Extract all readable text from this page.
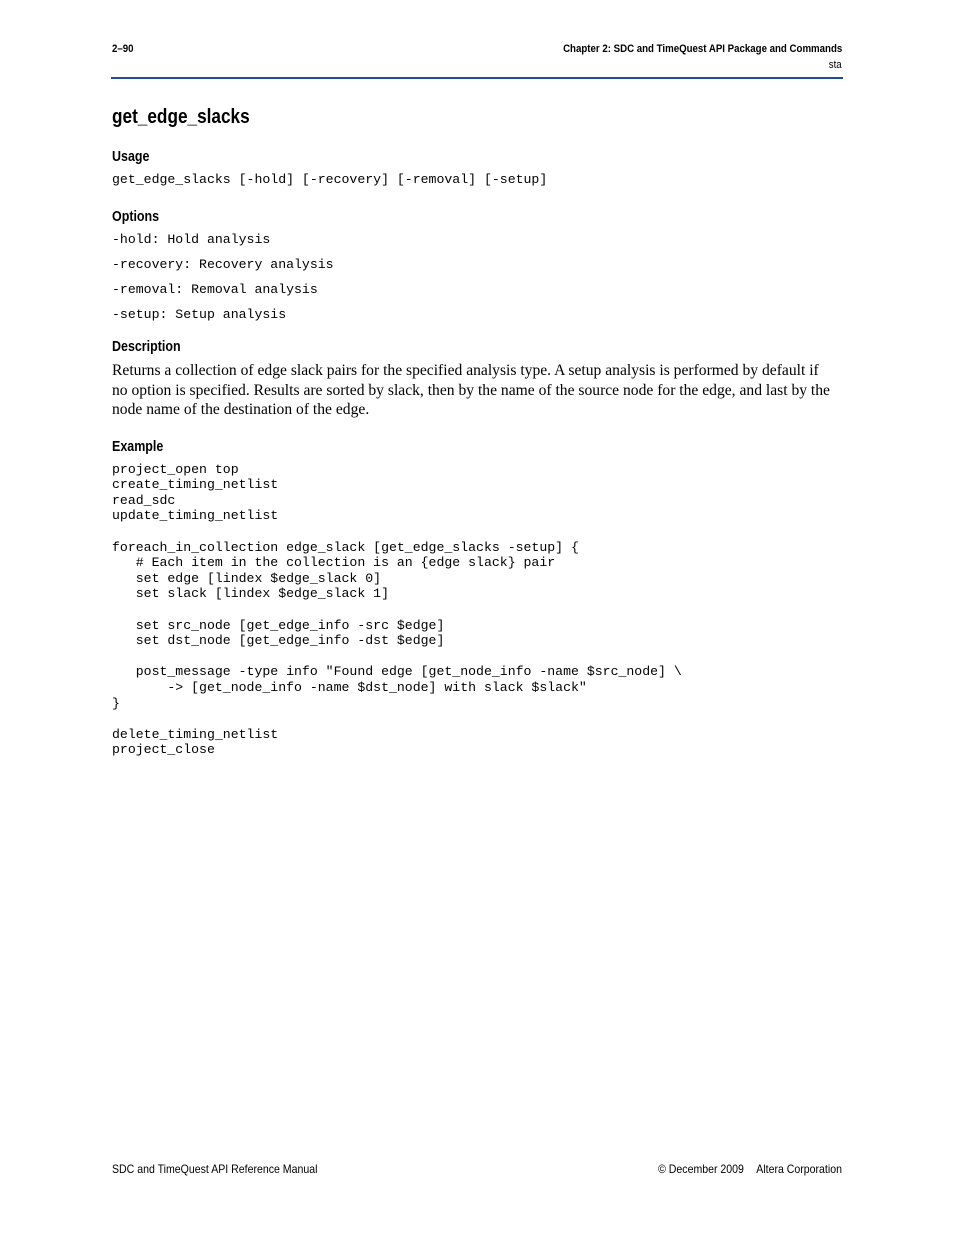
2–90	Chapter 2: SDC and TimeQuest API Package and Commands
sta
get_edge_slacks
Usage
get_edge_slacks [-hold] [-recovery] [-removal] [-setup]
Options
-hold: Hold analysis
-recovery: Recovery analysis
-removal: Removal analysis
-setup: Setup analysis
Description

Returns a collection of edge slack pairs for the specified analysis type. A setup analysis is performed by default if no option is specified. Results are sorted by slack, then by the name of the source node for the edge, and last by the node name of the destination of the edge.

Example
project_open top
create_timing_netlist
read_sdc
update_timing_netlist

foreach_in_collection edge_slack [get_edge_slacks -setup] {
# Each item in the collection is an {edge slack} pair
set edge [lindex $edge_slack 0]
set slack [lindex $edge_slack 1]

set src_node [get_edge_info -src $edge]
set dst_node [get_edge_info -dst $edge]

post_message -type info "Found edge [get_node_info -name $src_node] \
-> [get_node_info -name $dst_node] with slack $slack"
}

delete_timing_netlist
project_close
SDC and TimeQuest API Reference Manual	© December 2009 Altera Corporation
